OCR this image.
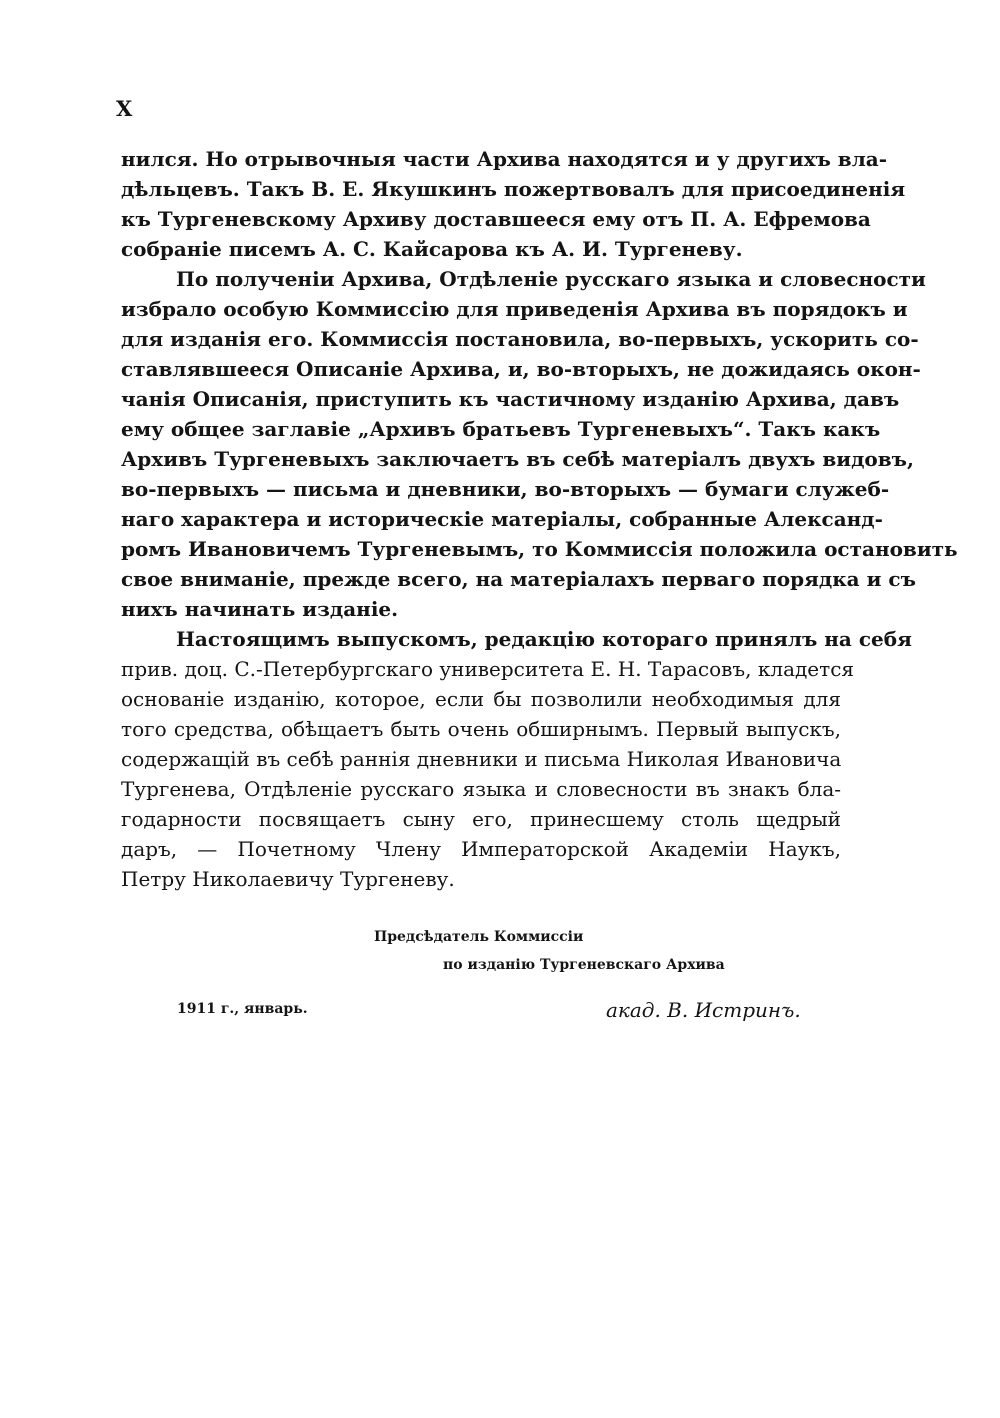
X
нился. Но отрывочныя части Архива находятся и у другихъ вла-
дѣльцевъ. Такъ В. Е. Якушкинъ пожертвовалъ для присоединенія
къ Тургеневскому Архиву доставшееся ему отъ П. А. Ефремова
собраніе писемъ А. С. Кайсарова къ А. И. Тургеневу.
По полученіи Архива, Отдѣленіе русскаго языка и словесности
избрало особую Коммиссію для приведенія Архива въ порядокъ и
для изданія его. Коммиссія постановила, во-первыхъ, ускорить со-
ставлявшееся Описаніе Архива, и, во-вторыхъ, не дожидаясь окон-
чанія Описанія, приступить къ частичному изданію Архива, давъ
ему общее заглавіе „Архивъ братьевъ Тургеневыхъ“. Такъ какъ
Архивъ Тургеневыхъ заключаетъ въ себѣ матеріалъ двухъ видовъ,
во-первыхъ — письма и дневники, во-вторыхъ — бумаги служеб-
наго характера и историческіе матеріалы, собранные Александ-
ромъ Ивановичемъ Тургеневымъ, то Коммиссія положила остановить
свое вниманіе, прежде всего, на матеріалахъ перваго порядка и съ
нихъ начинать изданіе.
Настоящимъ выпускомъ, редакцію котораго принялъ на себя
прив. доц. С.-Петербургскаго университета Е. Н. Тарасовъ, кладется
основаніе изданію, которое, если бы позволили необходимыя для
того средства, обѣщаетъ быть очень обширнымъ. Первый выпускъ,
содержащій въ себѣ раннія дневники и письма Николая Ивановича
Тургенева, Отдѣленіе русскаго языка и словесности въ знакъ бла-
годарности посвящаетъ сыну его, принесшему столь щедрый
даръ, — Почетному Члену Императорской Академіи Наукъ,
Петру Николаевичу Тургеневу.
Предсѣдатель Коммиссіи
по изданію Тургеневскаго Архива
1911 г., январь.	акад. В. Истринъ.
